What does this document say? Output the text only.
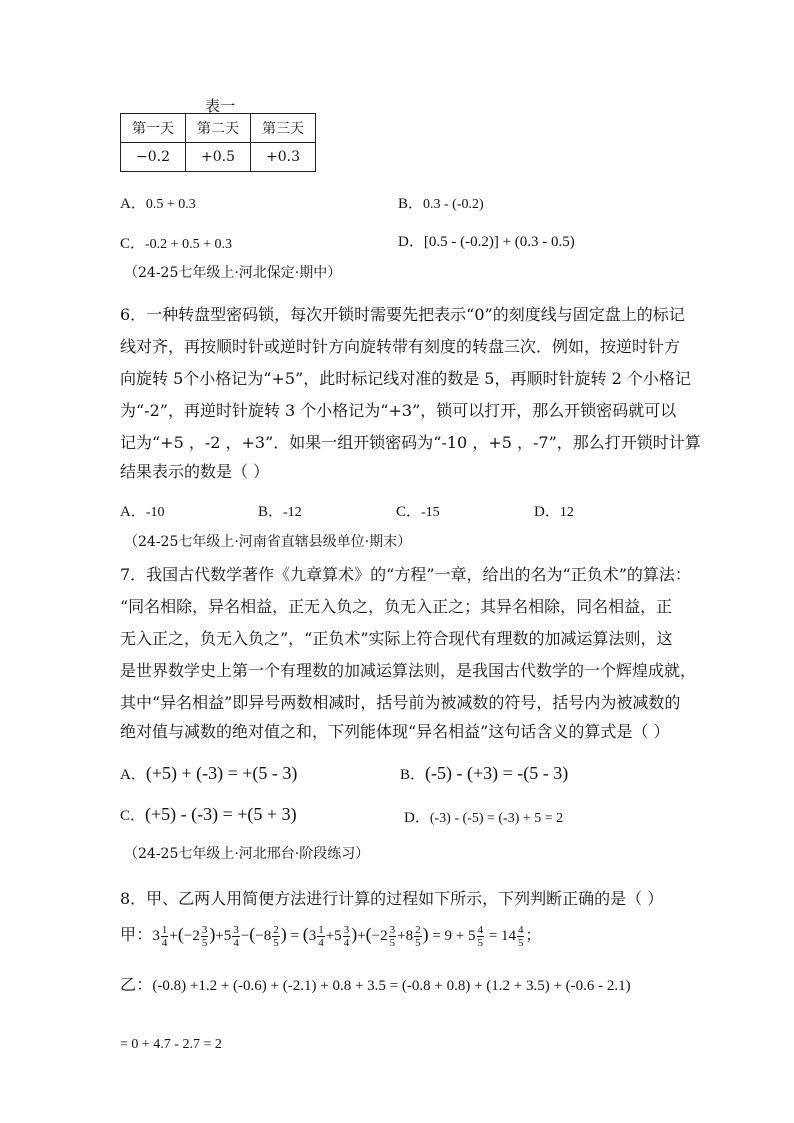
表一
第一天	第二天	第三天
−0.2	+0.5	+0.3
A．0.5 + 0.3	B．0.3 - (-0.2)
C．-0.2 + 0.5 + 0.3	D．[0.5 - (-0.2)] + (0.3 - 0.5)
（24-25七年级上·河北保定·期中）
6．一种转盘型密码锁，每次开锁时需要先把表示“0”的刻度线与固定盘上的标记
线对齐，再按顺时针或逆时针方向旋转带有刻度的转盘三次．例如，按逆时针方
向旋转 5个小格记为“+5”，此时标记线对准的数是 5，再顺时针旋转 2 个小格记
为“-2”，再逆时针旋转 3 个小格记为“+3”，锁可以打开，那么开锁密码就可以
记为“+5 ，-2 ，+3”．如果一组开锁密码为“-10 ，+5 ，-7”，那么打开锁时计算
结果表示的数是（ ）
A．-10	B．-12	C．-15	D．12
（24-25七年级上·河南省直辖县级单位·期末）
7．我国古代数学著作《九章算术》的“方程”一章，给出的名为“正负术”的算法：
“同名相除，异名相益，正无入负之，负无入正之；其异名相除，同名相益，正
无入正之，负无入负之”，“正负术”实际上符合现代有理数的加减运算法则，这
是世界数学史上第一个有理数的加减运算法则，是我国古代数学的一个辉煌成就，
其中“异名相益”即异号两数相减时，括号前为被减数的符号，括号内为被减数的
绝对值与减数的绝对值之和，下列能体现“异名相益”这句话含义的算式是（ ）
A．(+5) + (-3) = +(5 - 3)	B．(-5) - (+3) = -(5 - 3)
C．(+5) - (-3) = +(5 + 3)	D．(-3) - (-5) = (-3) + 5 = 2
（24-25七年级上·河北邢台·阶段练习）
8．甲、乙两人用简便方法进行计算的过程如下所示，下列判断正确的是（ ）
甲：$3 \frac{1}{4} +(-2 \frac{3}{5} )+5 \frac{3}{4} -(-8 \frac{2}{5}$ ) = $(3 \frac{1}{4} +5 \frac{3}{4} )+(-2 \frac{3}{5} +8 \frac{2}{5}$ ) = $9 + 5 \frac{4}{5} = 14 \frac{4}{5}$ ；
乙：(-0.8) +1.2 + (-0.6) + (-2.1) + 0.8 + 3.5 = (-0.8 + 0.8) + (1.2 + 3.5) + (-0.6 - 2.1)
= 0 + 4.7 - 2.7 = 2
